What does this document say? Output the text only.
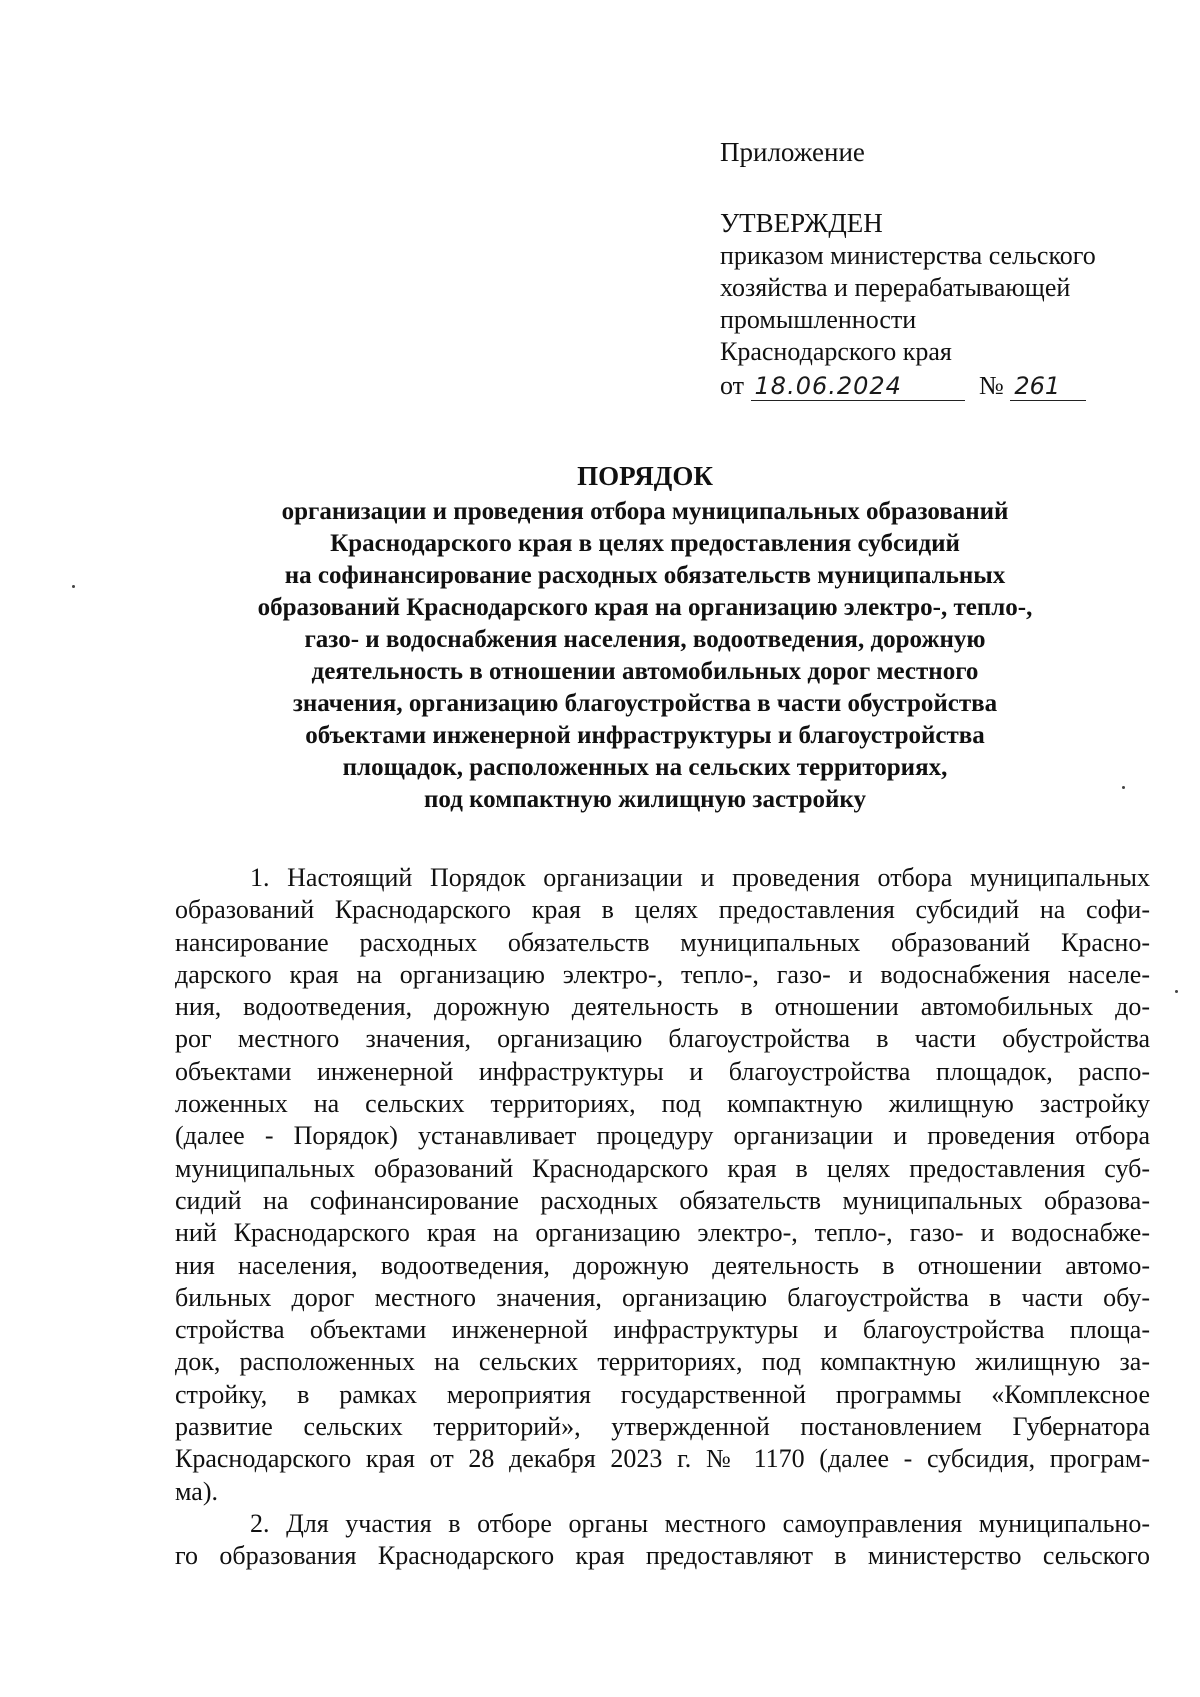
Приложение
УТВЕРЖДЕН
приказом министерства сельского
хозяйства и перерабатывающей
промышленности
Краснодарского края
от 18.06.2024	№ 261
ПОРЯДОК
организации и проведения отбора муниципальных образований
Краснодарского края в целях предоставления субсидий
на софинансирование расходных обязательств муниципальных
образований Краснодарского края на организацию электро-, тепло-,
газо- и водоснабжения населения, водоотведения, дорожную
деятельность в отношении автомобильных дорог местного
значения, организацию благоустройства в части обустройства
объектами инженерной инфраструктуры и благоустройства
площадок, расположенных на сельских территориях,
под компактную жилищную застройку
1. Настоящий Порядок организации и проведения отбора муниципальных
образований Краснодарского края в целях предоставления субсидий на софи-
нансирование расходных обязательств муниципальных образований Красно-
дарского края на организацию электро-, тепло-, газо- и водоснабжения населе-
ния, водоотведения, дорожную деятельность в отношении автомобильных до-
рог местного значения, организацию благоустройства в части обустройства
объектами инженерной инфраструктуры и благоустройства площадок, распо-
ложенных на сельских территориях, под компактную жилищную застройку
(далее - Порядок) устанавливает процедуру организации и проведения отбора
муниципальных образований Краснодарского края в целях предоставления суб-
сидий на софинансирование расходных обязательств муниципальных образова-
ний Краснодарского края на организацию электро-, тепло-, газо- и водоснабже-
ния населения, водоотведения, дорожную деятельность в отношении автомо-
бильных дорог местного значения, организацию благоустройства в части обу-
стройства объектами инженерной инфраструктуры и благоустройства площа-
док, расположенных на сельских территориях, под компактную жилищную за-
стройку, в рамках мероприятия государственной программы «Комплексное
развитие сельских территорий», утвержденной постановлением Губернатора
Краснодарского края от 28 декабря 2023 г. № 1170 (далее - субсидия, програм-
ма).
2. Для участия в отборе органы местного самоуправления муниципально-
го образования Краснодарского края предоставляют в министерство сельского
